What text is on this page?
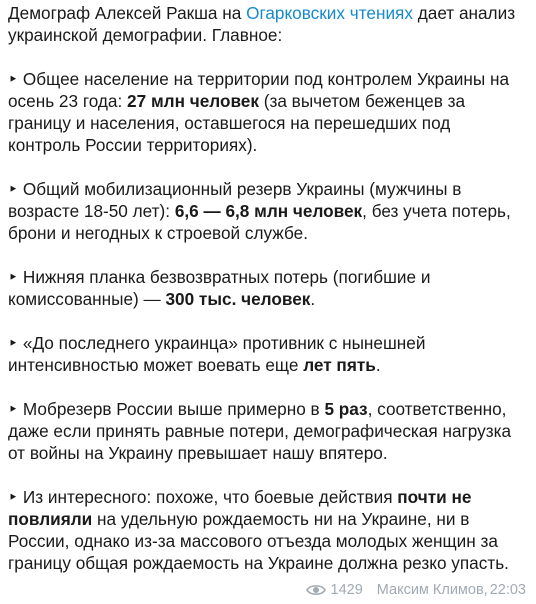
Демограф Алексей Ракша на Огарковских чтениях дает анализ украинской демографии. Главное:

‣ Общее население на территории под контролем Украины на осень 23 года: 27 млн человек (за вычетом беженцев за границу и населения, оставшегося на перешедших под контроль России территориях).

‣ Общий мобилизационный резерв Украины (мужчины в возрасте 18-50 лет): 6,6 — 6,8 млн человек, без учета потерь, брони и негодных к строевой службе.

‣ Нижняя планка безвозвратных потерь (погибшие и комиссованные) — 300 тыс. человек.

‣ «До последнего украинца» противник с нынешней интенсивностью может воевать еще лет пять.

‣ Мобрезерв России выше примерно в 5 раз, соответственно, даже если принять равные потери, демографическая нагрузка от войны на Украину превышает нашу впятеро.

‣ Из интересного: похоже, что боевые действия почти не повлияли на удельную рождаемость ни на Украине, ни в России, однако из-за массового отъезда молодых женщин за границу общая рождаемость на Украине должна резко упасть.

1429 Максим Климов, 22:03
